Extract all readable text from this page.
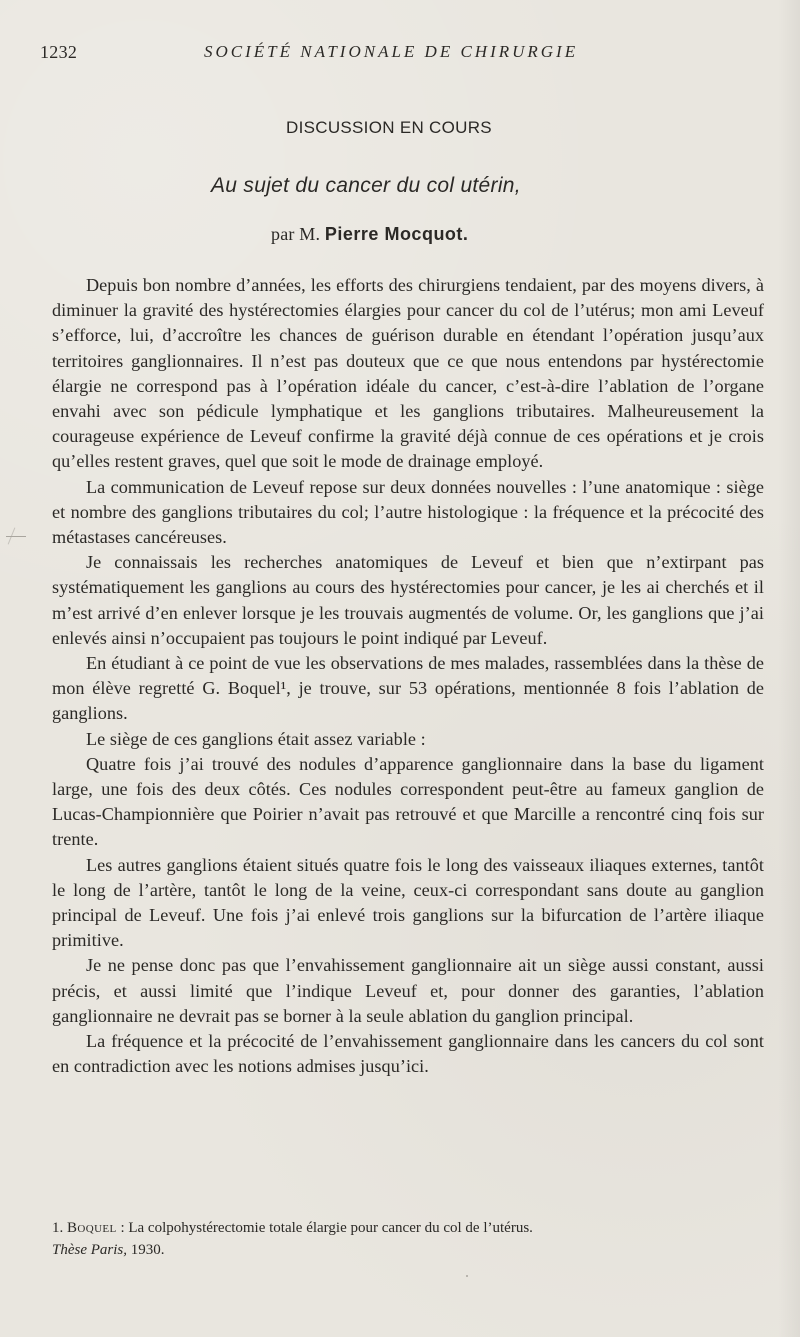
1232	SOCIÉTÉ NATIONALE DE CHIRURGIE
DISCUSSION EN COURS
Au sujet du cancer du col utérin,
par M. Pierre Mocquot.

Depuis bon nombre d’années, les efforts des chirurgiens tendaient, par des moyens divers, à diminuer la gravité des hystérectomies élargies pour cancer du col de l’utérus; mon ami Leveuf s’efforce, lui, d’accroître les chances de guérison durable en étendant l’opération jusqu’aux territoires ganglionnaires. Il n’est pas douteux que ce que nous entendons par hystérectomie élargie ne correspond pas à l’opération idéale du cancer, c’est-à-dire l’ablation de l’organe envahi avec son pédicule lymphatique et les ganglions tributaires. Malheureusement la courageuse expérience de Leveuf confirme la gravité déjà connue de ces opérations et je crois qu’elles restent graves, quel que soit le mode de drainage employé.

La communication de Leveuf repose sur deux données nouvelles : l’une anatomique : siège et nombre des ganglions tributaires du col; l’autre histologique : la fréquence et la précocité des métastases cancéreuses.

Je connaissais les recherches anatomiques de Leveuf et bien que n’extirpant pas systématiquement les ganglions au cours des hystérectomies pour cancer, je les ai cherchés et il m’est arrivé d’en enlever lorsque je les trouvais augmentés de volume. Or, les ganglions que j’ai enlevés ainsi n’occupaient pas toujours le point indiqué par Leveuf.

En étudiant à ce point de vue les observations de mes malades, rassemblées dans la thèse de mon élève regretté G. Boquel¹, je trouve, sur 53 opérations, mentionnée 8 fois l’ablation de ganglions.

Le siège de ces ganglions était assez variable :

Quatre fois j’ai trouvé des nodules d’apparence ganglionnaire dans la base du ligament large, une fois des deux côtés. Ces nodules correspondent peut-être au fameux ganglion de Lucas-Championnière que Poirier n’avait pas retrouvé et que Marcille a rencontré cinq fois sur trente.

Les autres ganglions étaient situés quatre fois le long des vaisseaux iliaques externes, tantôt le long de l’artère, tantôt le long de la veine, ceux-ci correspondant sans doute au ganglion principal de Leveuf. Une fois j’ai enlevé trois ganglions sur la bifurcation de l’artère iliaque primitive.

Je ne pense donc pas que l’envahissement ganglionnaire ait un siège aussi constant, aussi précis, et aussi limité que l’indique Leveuf et, pour donner des garanties, l’ablation ganglionnaire ne devrait pas se borner à la seule ablation du ganglion principal.

La fréquence et la précocité de l’envahissement ganglionnaire dans les cancers du col sont en contradiction avec les notions admises jusqu’ici.

1. Boquel : La colpohystérectomie totale élargie pour cancer du col de l’utérus.
Thèse Paris, 1930.
